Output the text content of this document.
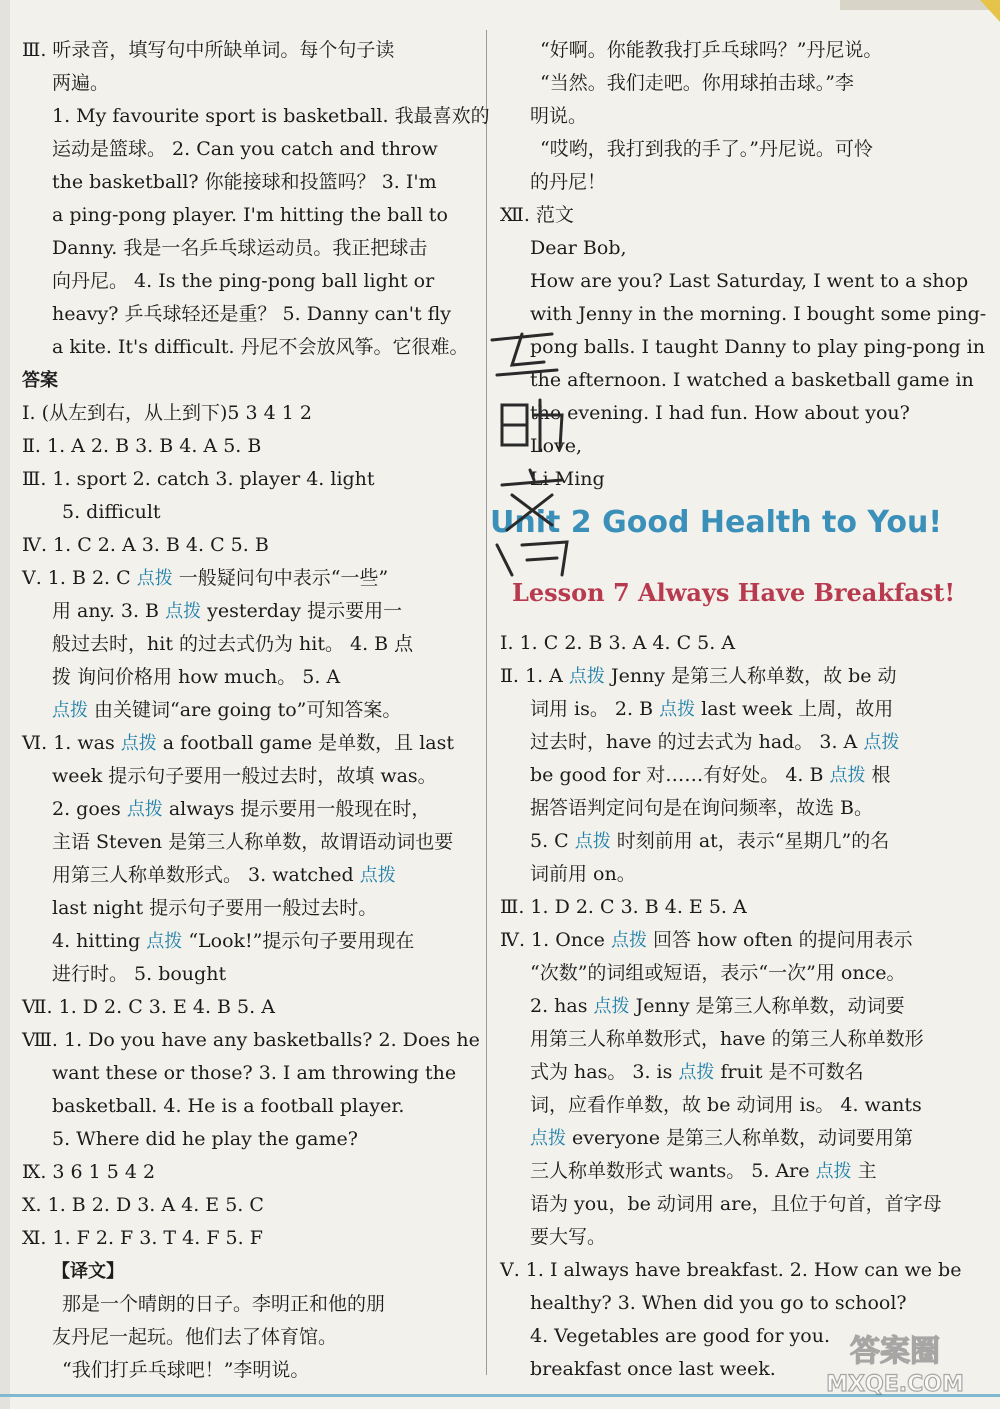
Ⅲ. 听录音，填写句中所缺单词。每个句子读
两遍。
1. My favourite sport is basketball. 我最喜欢的
运动是篮球。 2. Can you catch and throw
the basketball? 你能接球和投篮吗？ 3. I'm
a ping-pong player. I'm hitting the ball to
Danny. 我是一名乒乓球运动员。我正把球击
向丹尼。 4. Is the ping-pong ball light or
heavy? 乒乓球轻还是重？ 5. Danny can't fly
a kite. It's difficult. 丹尼不会放风筝。它很难。
答案
Ⅰ. (从左到右，从上到下)5 3 4 1 2
Ⅱ. 1. A 2. B 3. B 4. A 5. B
Ⅲ. 1. sport 2. catch 3. player 4. light
5. difficult
Ⅳ. 1. C 2. A 3. B 4. C 5. B
Ⅴ. 1. B 2. C 点拨 一般疑问句中表示“一些”
用 any. 3. B 点拨 yesterday 提示要用一
般过去时，hit 的过去式仍为 hit。 4. B 点
拨 询问价格用 how much。 5. A
点拨 由关键词“are going to”可知答案。
Ⅵ. 1. was 点拨 a football game 是单数，且 last
week 提示句子要用一般过去时，故填 was。
2. goes 点拨 always 提示要用一般现在时，
主语 Steven 是第三人称单数，故谓语动词也要
用第三人称单数形式。 3. watched 点拨
last night 提示句子要用一般过去时。
4. hitting 点拨 “Look!”提示句子要用现在
进行时。 5. bought
Ⅶ. 1. D 2. C 3. E 4. B 5. A
Ⅷ. 1. Do you have any basketballs? 2. Does he
want these or those? 3. I am throwing the
basketball. 4. He is a football player.
5. Where did he play the game?
Ⅸ. 3 6 1 5 4 2
Ⅹ. 1. B 2. D 3. A 4. E 5. C
Ⅺ. 1. F 2. F 3. T 4. F 5. F
【译文】
那是一个晴朗的日子。李明正和他的朋
友丹尼一起玩。他们去了体育馆。
“我们打乒乓球吧！”李明说。
“好啊。你能教我打乒乓球吗？”丹尼说。
“当然。我们走吧。你用球拍击球。”李
明说。
“哎哟，我打到我的手了。”丹尼说。可怜
的丹尼！
Ⅻ. 范文
Dear Bob,
How are you? Last Saturday, I went to a shop
with Jenny in the morning. I bought some ping-
pong balls. I taught Danny to play ping-pong in
the afternoon. I watched a basketball game in
the evening. I had fun. How about you?
Love,
Li Ming
Unit 2 Good Health to You!
Lesson 7 Always Have Breakfast!
Ⅰ. 1. C 2. B 3. A 4. C 5. A
Ⅱ. 1. A 点拨 Jenny 是第三人称单数，故 be 动
词用 is。 2. B 点拨 last week 上周，故用
过去时，have 的过去式为 had。 3. A 点拨
be good for 对……有好处。 4. B 点拨 根
据答语判定问句是在询问频率，故选 B。
5. C 点拨 时刻前用 at，表示“星期几”的名
词前用 on。
Ⅲ. 1. D 2. C 3. B 4. E 5. A
Ⅳ. 1. Once 点拨 回答 how often 的提问用表示
“次数”的词组或短语，表示“一次”用 once。
2. has 点拨 Jenny 是第三人称单数，动词要
用第三人称单数形式，have 的第三人称单数形
式为 has。 3. is 点拨 fruit 是不可数名
词，应看作单数，故 be 动词用 is。 4. wants
点拨 everyone 是第三人称单数，动词要用第
三人称单数形式 wants。 5. Are 点拨 主
语为 you，be 动词用 are，且位于句首，首字母
要大写。
Ⅴ. 1. I always have breakfast. 2. How can we be
healthy? 3. When did you go to school?
4. Vegetables are good for you.
breakfast once last week.	答案圈
MXQE.COM
